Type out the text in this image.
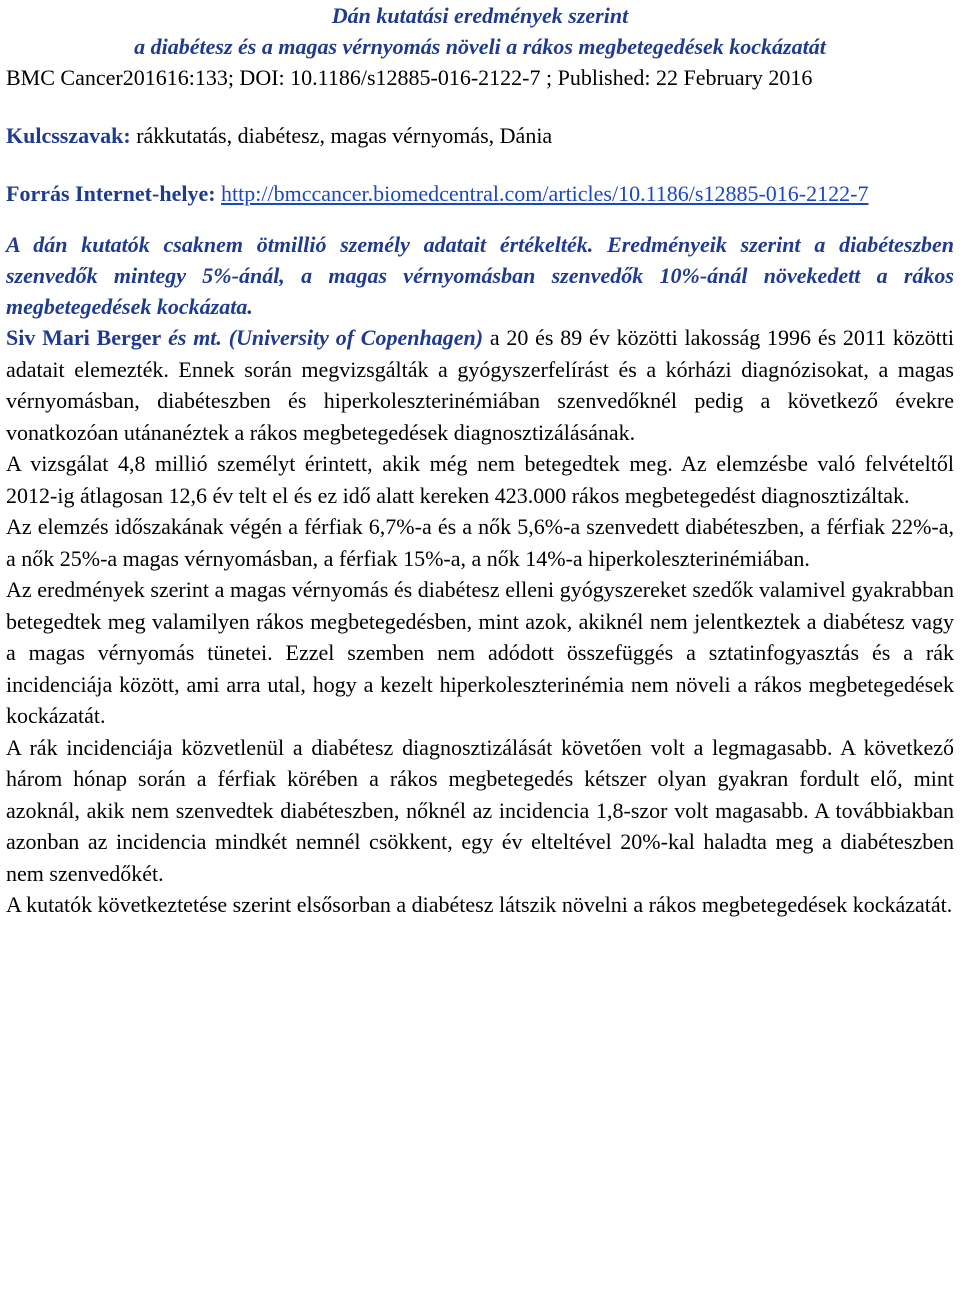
Dán kutatási eredmények szerint
a diabétesz és a magas vérnyomás növeli a rákos megbetegedések kockázatát
BMC Cancer201616:133; DOI: 10.1186/s12885-016-2122-7 ; Published: 22 February 2016
Kulcsszavak: rákkutatás, diabétesz, magas vérnyomás, Dánia
Forrás Internet-helye: http://bmccancer.biomedcentral.com/articles/10.1186/s12885-016-2122-7
A dán kutatók csaknem ötmillió személy adatait értékelték. Eredményeik szerint a diabéteszben szenvedők mintegy 5%-ánál, a magas vérnyomásban szenvedők 10%-ánál növekedett a rákos megbetegedések kockázata.

Siv Mari Berger és mt. (University of Copenhagen) a 20 és 89 év közötti lakosság 1996 és 2011 közötti adatait elemezték. Ennek során megvizsgálták a gyógyszerfelírást és a kórházi diagnózisokat, a magas vérnyomásban, diabéteszben és hiperkoleszterinémiában szenvedőknél pedig a következő évekre vonatkozóan utánanéztek a rákos megbetegedések diagnosztizálásának.

A vizsgálat 4,8 millió személyt érintett, akik még nem betegedtek meg. Az elemzésbe való felvételtől 2012-ig átlagosan 12,6 év telt el és ez idő alatt kereken 423.000 rákos megbetegedést diagnosztizáltak.

Az elemzés időszakának végén a férfiak 6,7%-a és a nők 5,6%-a szenvedett diabéteszben, a férfiak 22%-a, a nők 25%-a magas vérnyomásban, a férfiak 15%-a, a nők 14%-a hiperkoleszterinémiában.

Az eredmények szerint a magas vérnyomás és diabétesz elleni gyógyszereket szedők valamivel gyakrabban betegedtek meg valamilyen rákos megbetegedésben, mint azok, akiknél nem jelentkeztek a diabétesz vagy a magas vérnyomás tünetei. Ezzel szemben nem adódott összefüggés a sztatinfogyasztás és a rák incidenciája között, ami arra utal, hogy a kezelt hiperkoleszterinémia nem növeli a rákos megbetegedések kockázatát.

A rák incidenciája közvetlenül a diabétesz diagnosztizálását követően volt a legmagasabb. A következő három hónap során a férfiak körében a rákos megbetegedés kétszer olyan gyakran fordult elő, mint azoknál, akik nem szenvedtek diabéteszben, nőknél az incidencia 1,8-szor volt magasabb. A továbbiakban azonban az incidencia mindkét nemnél csökkent, egy év elteltével 20%-kal haladta meg a diabéteszben nem szenvedőkét.

A kutatók következtetése szerint elsősorban a diabétesz látszik növelni a rákos megbetegedések kockázatát.
